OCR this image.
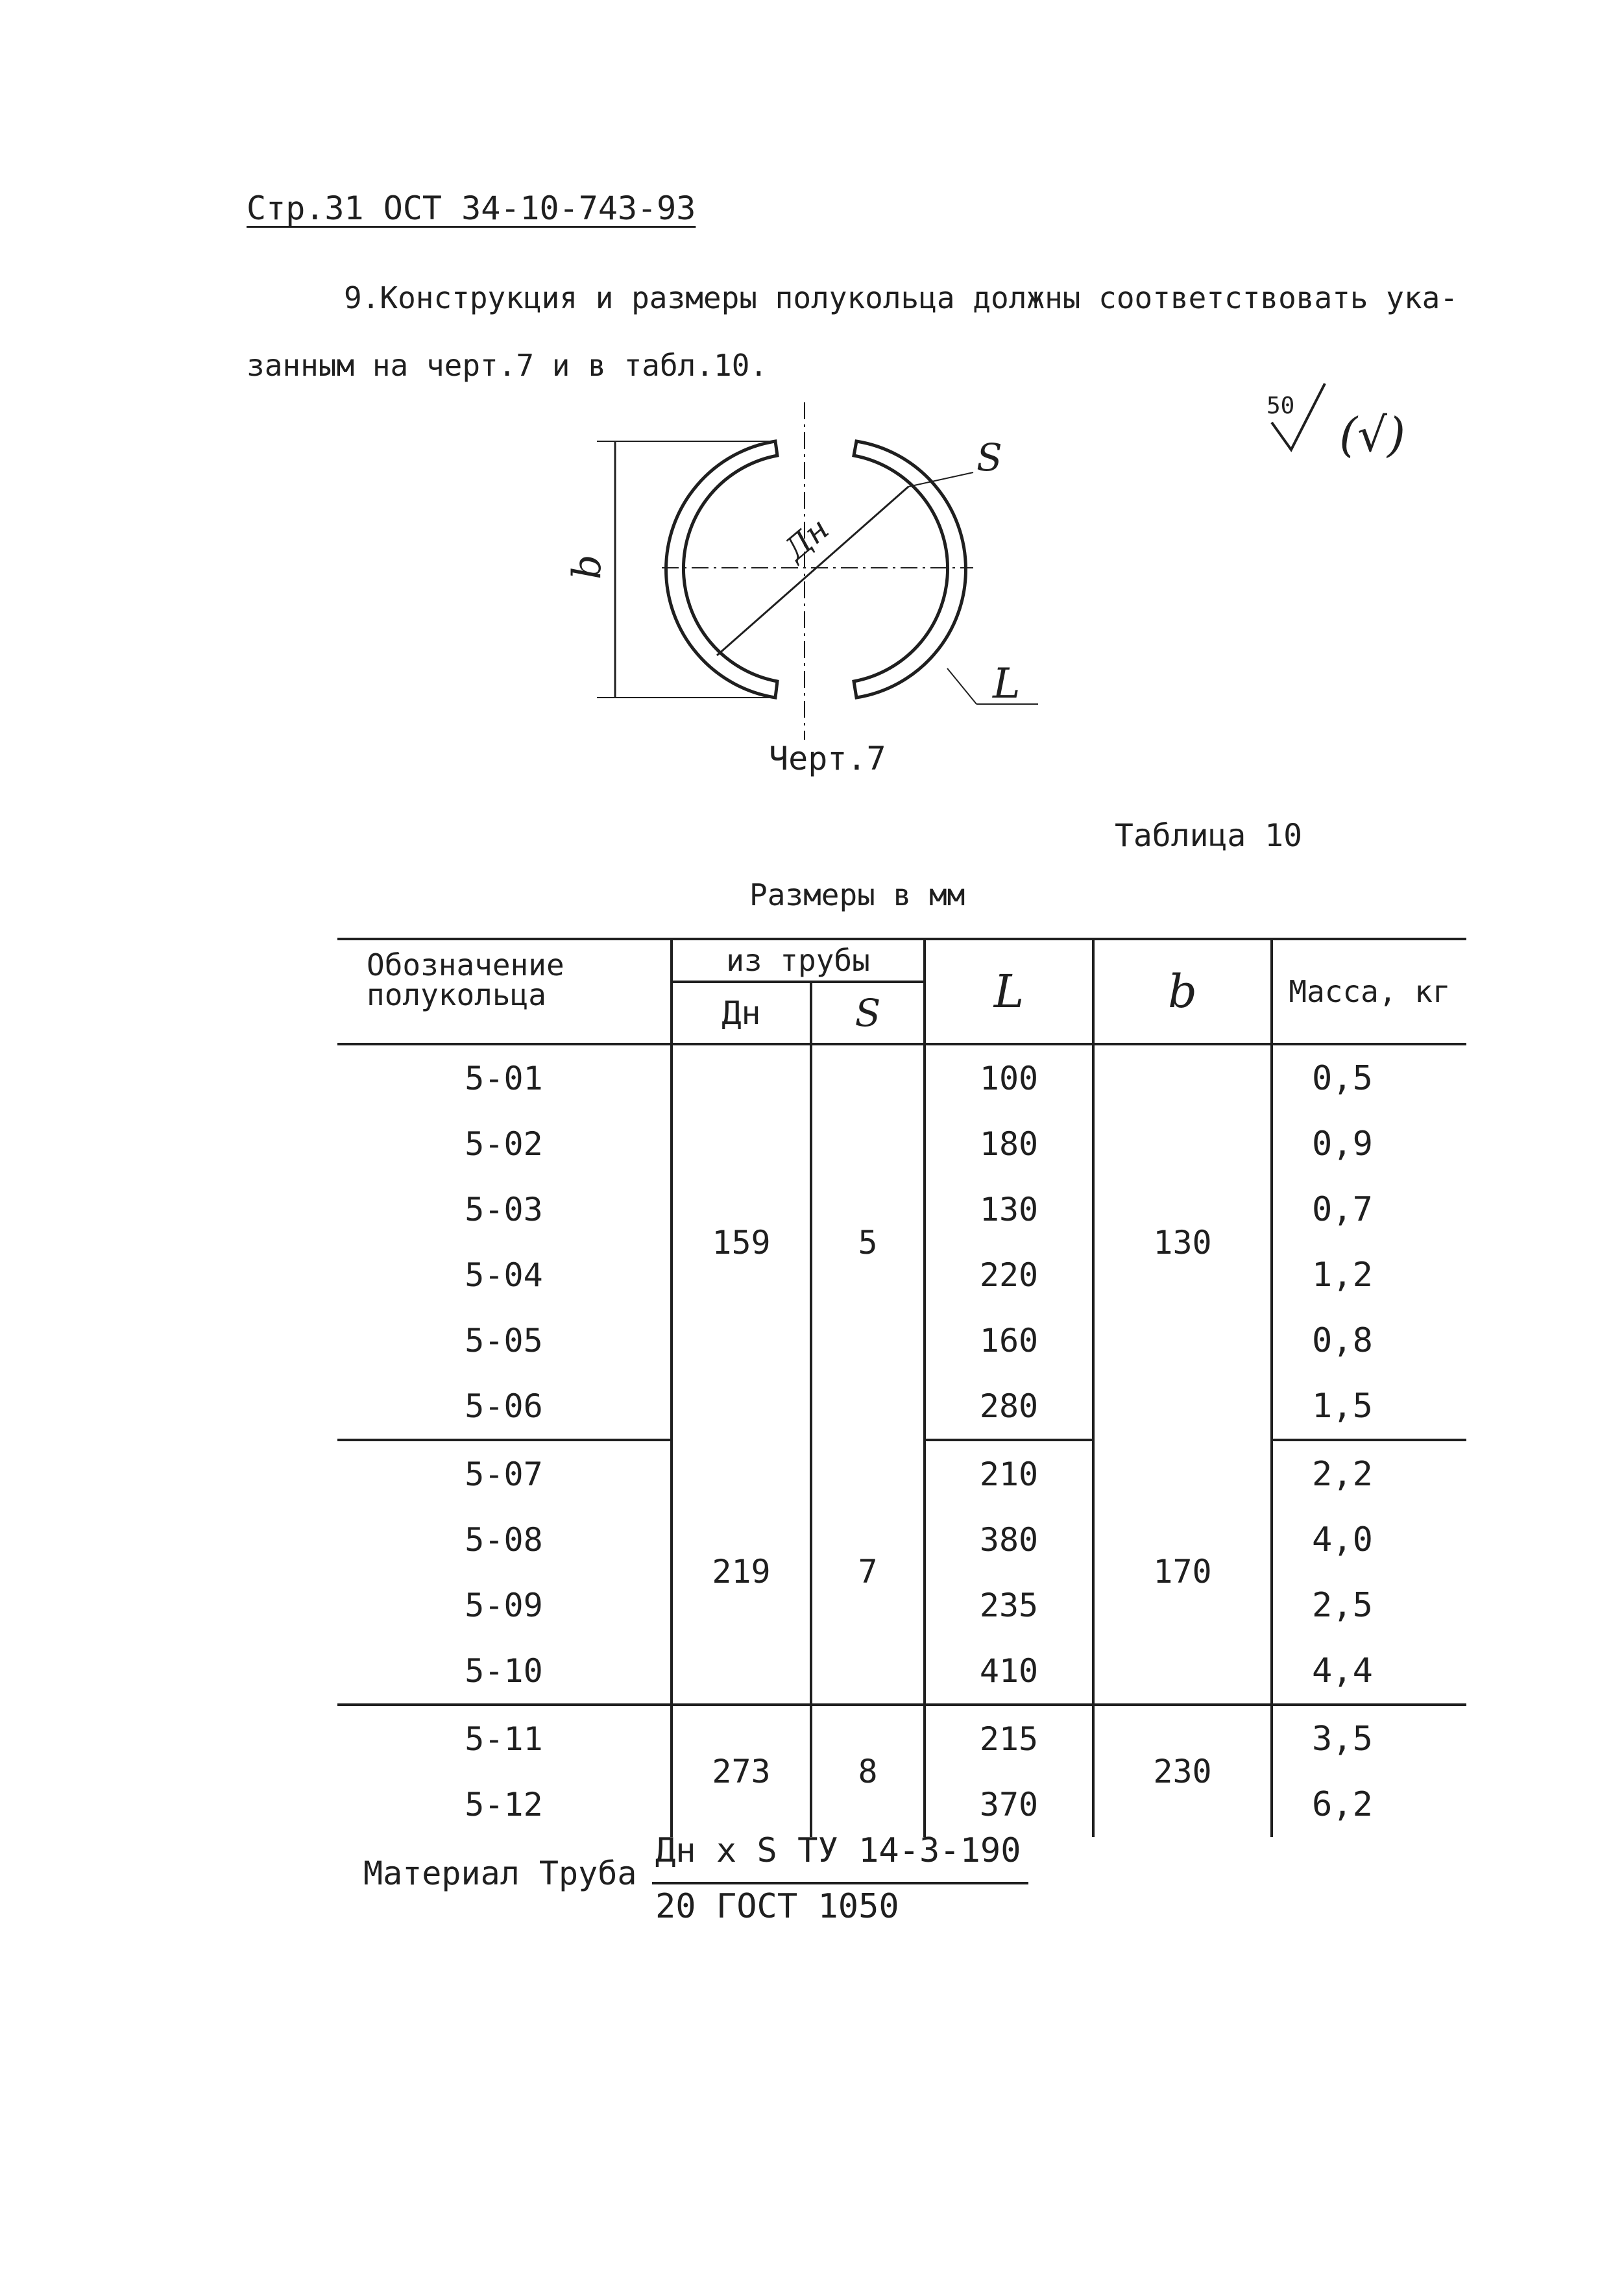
Стр.31 ОСТ 34-10-743-93
9.Конструкция и размеры полукольца должны соответствовать ука-
занным на черт.7 и в табл.10.
50
(√)
b	Дн
S
L
Черт.7
Таблица 10
Размеры в мм
Обозначение полукольца	из трубы		L	b	Масса, кг
	Дн	S			
5-01	159	5	100	130	0,5
5-02			180		0,9
5-03			130		0,7
5-04			220		1,2
5-05			160		0,8
5-06			280		1,5
5-07	219	7	210	170	2,2
5-08			380		4,0
5-09			235		2,5
5-10			410		4,4
5-11	273	8	215	230	3,5
5-12			370		6,2
Материал Труба
Дн х S ТУ 14-3-190
20 ГОСТ 1050
